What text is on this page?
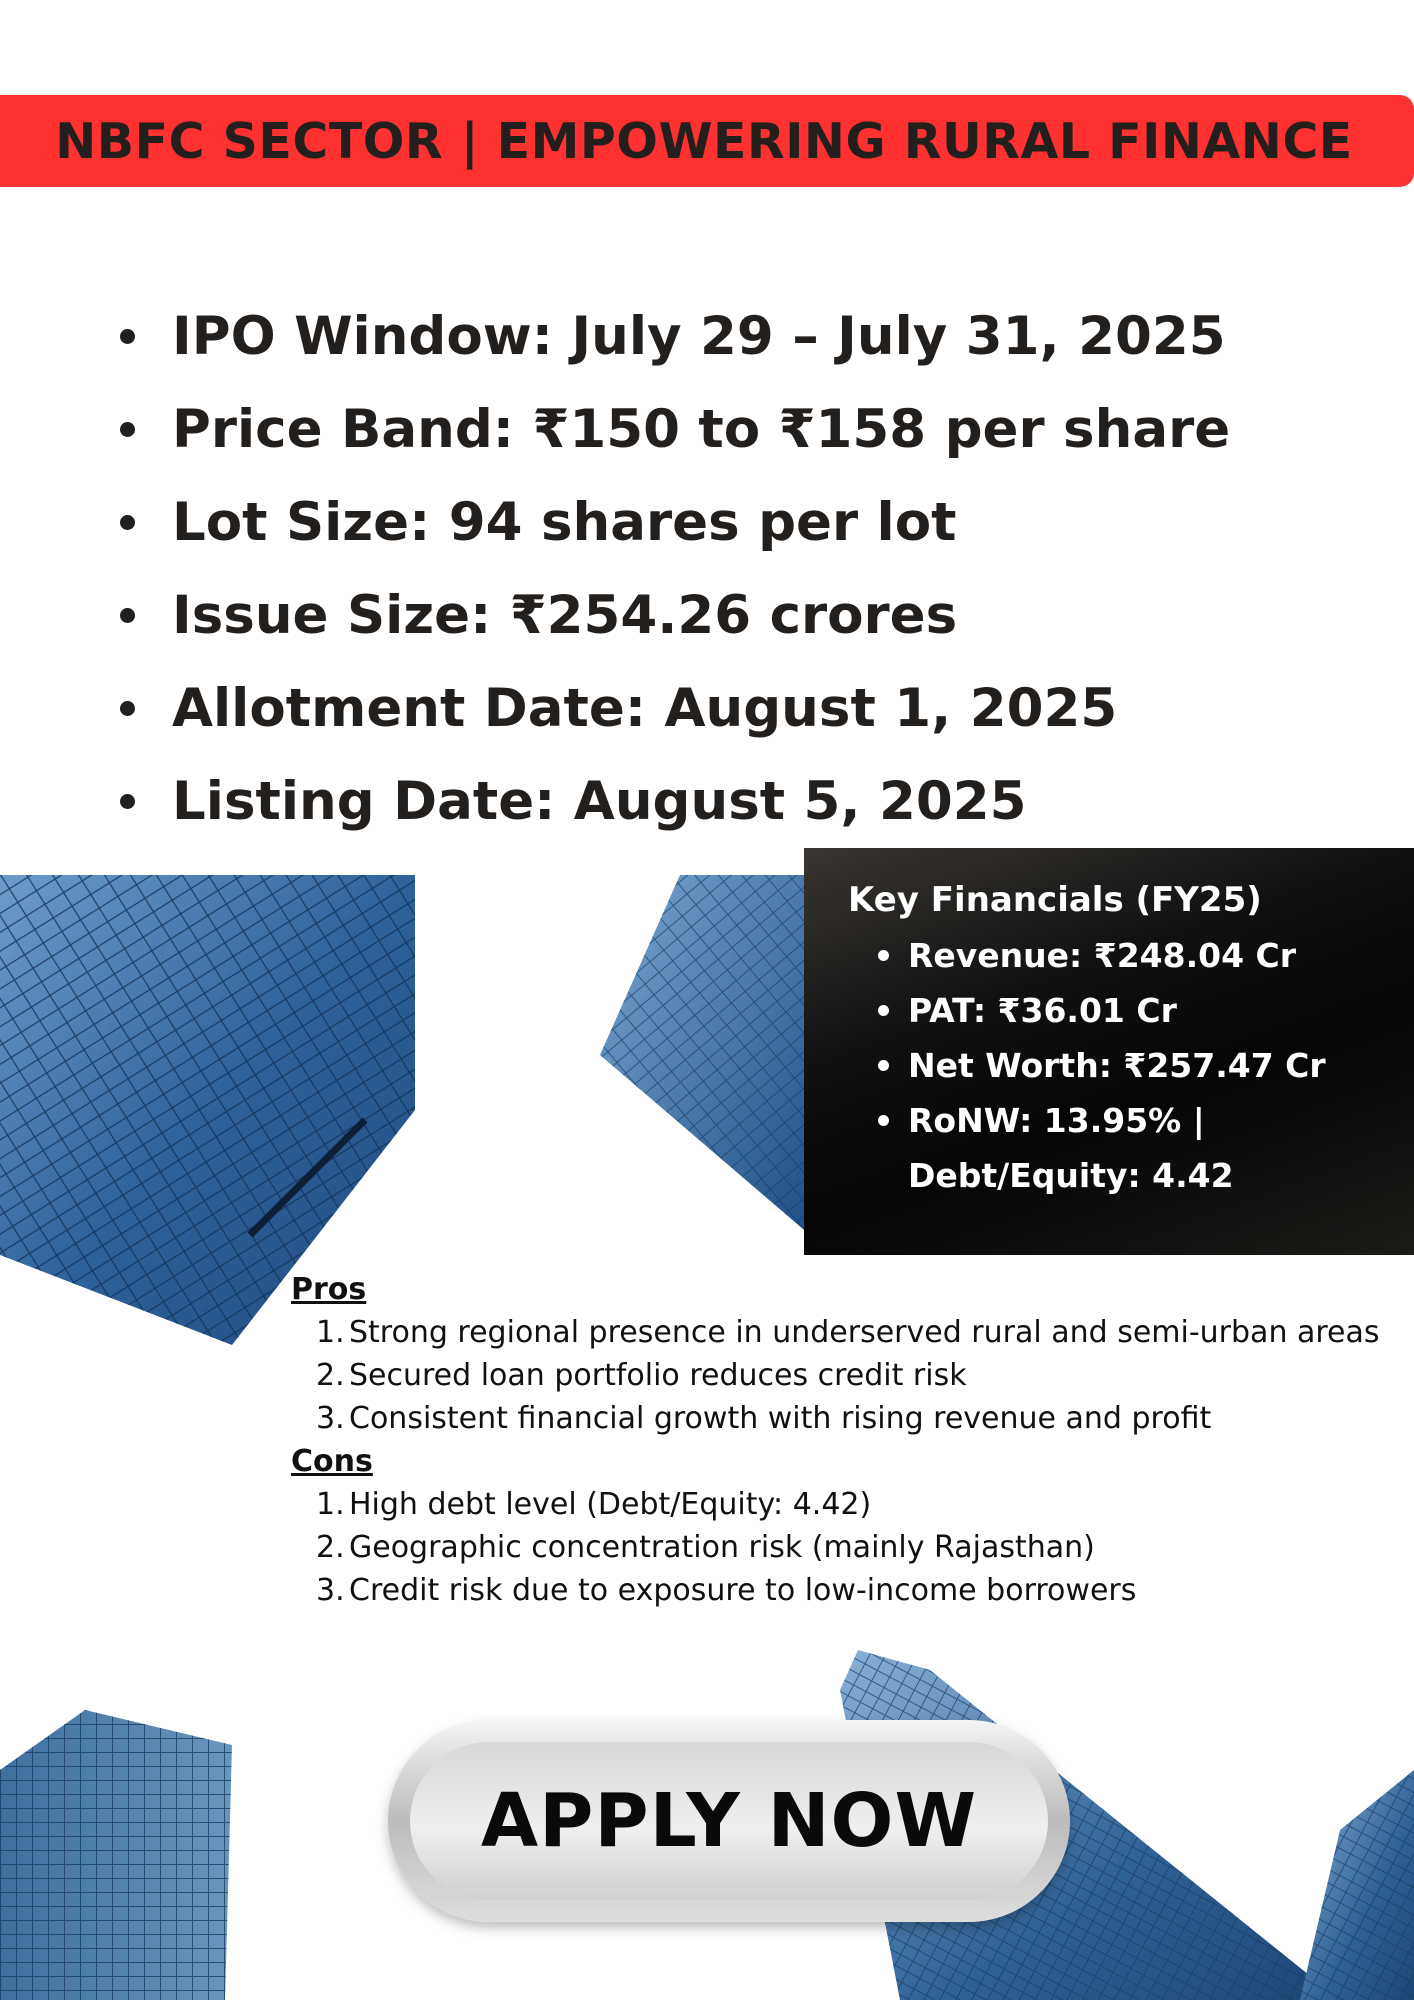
NBFC SECTOR | EMPOWERING RURAL FINANCE
IPO Window: July 29 – July 31, 2025
Price Band: ₹150 to ₹158 per share
Lot Size: 94 shares per lot
Issue Size: ₹254.26 crores
Allotment Date: August 1, 2025
Listing Date: August 5, 2025
Key Financials (FY25)
Revenue: ₹248.04 Cr
PAT: ₹36.01 Cr
Net Worth: ₹257.47 Cr
RoNW: 13.95% | Debt/Equity: 4.42
Pros
1. Strong regional presence in underserved rural and semi-urban areas
2. Secured loan portfolio reduces credit risk
3. Consistent financial growth with rising revenue and profit
Cons
1. High debt level (Debt/Equity: 4.42)
2. Geographic concentration risk (mainly Rajasthan)
3. Credit risk due to exposure to low-income borrowers
APPLY NOW
